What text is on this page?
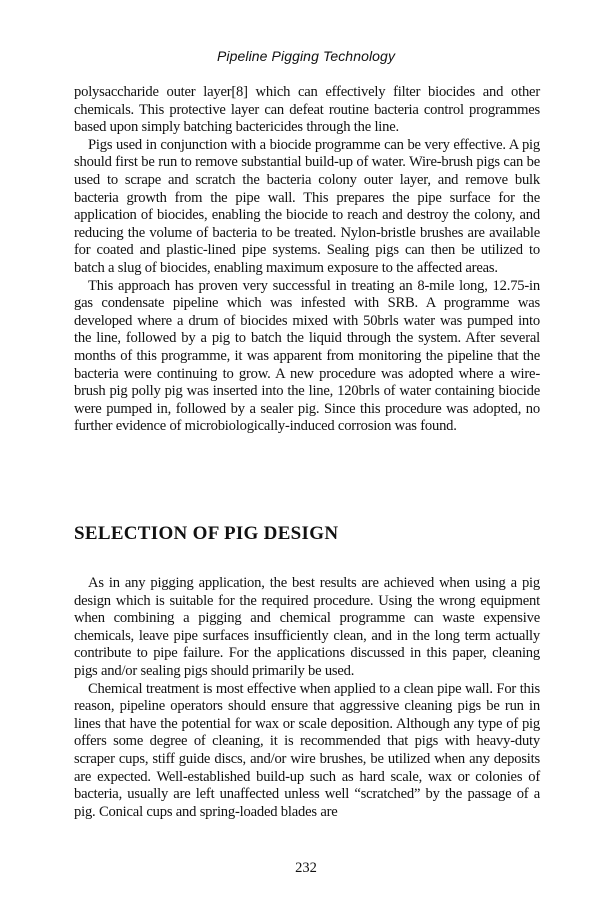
Pipeline Pigging Technology

polysaccharide outer layer[8] which can effectively filter biocides and other chemicals. This protective layer can defeat routine bacteria control programmes based upon simply batching bactericides through the line.

Pigs used in conjunction with a biocide programme can be very effective. A pig should first be run to remove substantial build-up of water. Wire-brush pigs can be used to scrape and scratch the bacteria colony outer layer, and remove bulk bacteria growth from the pipe wall. This prepares the pipe surface for the application of biocides, enabling the biocide to reach and destroy the colony, and reducing the volume of bacteria to be treated. Nylon-bristle brushes are available for coated and plastic-lined pipe systems. Sealing pigs can then be utilized to batch a slug of biocides, enabling maximum exposure to the affected areas.

This approach has proven very successful in treating an 8-mile long, 12.75-in gas condensate pipeline which was infested with SRB. A programme was developed where a drum of biocides mixed with 50brls water was pumped into the line, followed by a pig to batch the liquid through the system. After several months of this programme, it was apparent from monitoring the pipeline that the bacteria were continuing to grow. A new procedure was adopted where a wire-brush pig polly pig was inserted into the line, 120brls of water containing biocide were pumped in, followed by a sealer pig. Since this procedure was adopted, no further evidence of microbiologically-induced corrosion was found.

SELECTION OF PIG DESIGN

As in any pigging application, the best results are achieved when using a pig design which is suitable for the required procedure. Using the wrong equipment when combining a pigging and chemical programme can waste expensive chemicals, leave pipe surfaces insufficiently clean, and in the long term actually contribute to pipe failure. For the applications discussed in this paper, cleaning pigs and/or sealing pigs should primarily be used.

Chemical treatment is most effective when applied to a clean pipe wall. For this reason, pipeline operators should ensure that aggressive cleaning pigs be run in lines that have the potential for wax or scale deposition. Although any type of pig offers some degree of cleaning, it is recommended that pigs with heavy-duty scraper cups, stiff guide discs, and/or wire brushes, be utilized when any deposits are expected. Well-established build-up such as hard scale, wax or colonies of bacteria, usually are left unaffected unless well “scratched” by the passage of a pig. Conical cups and spring-loaded blades are

232
